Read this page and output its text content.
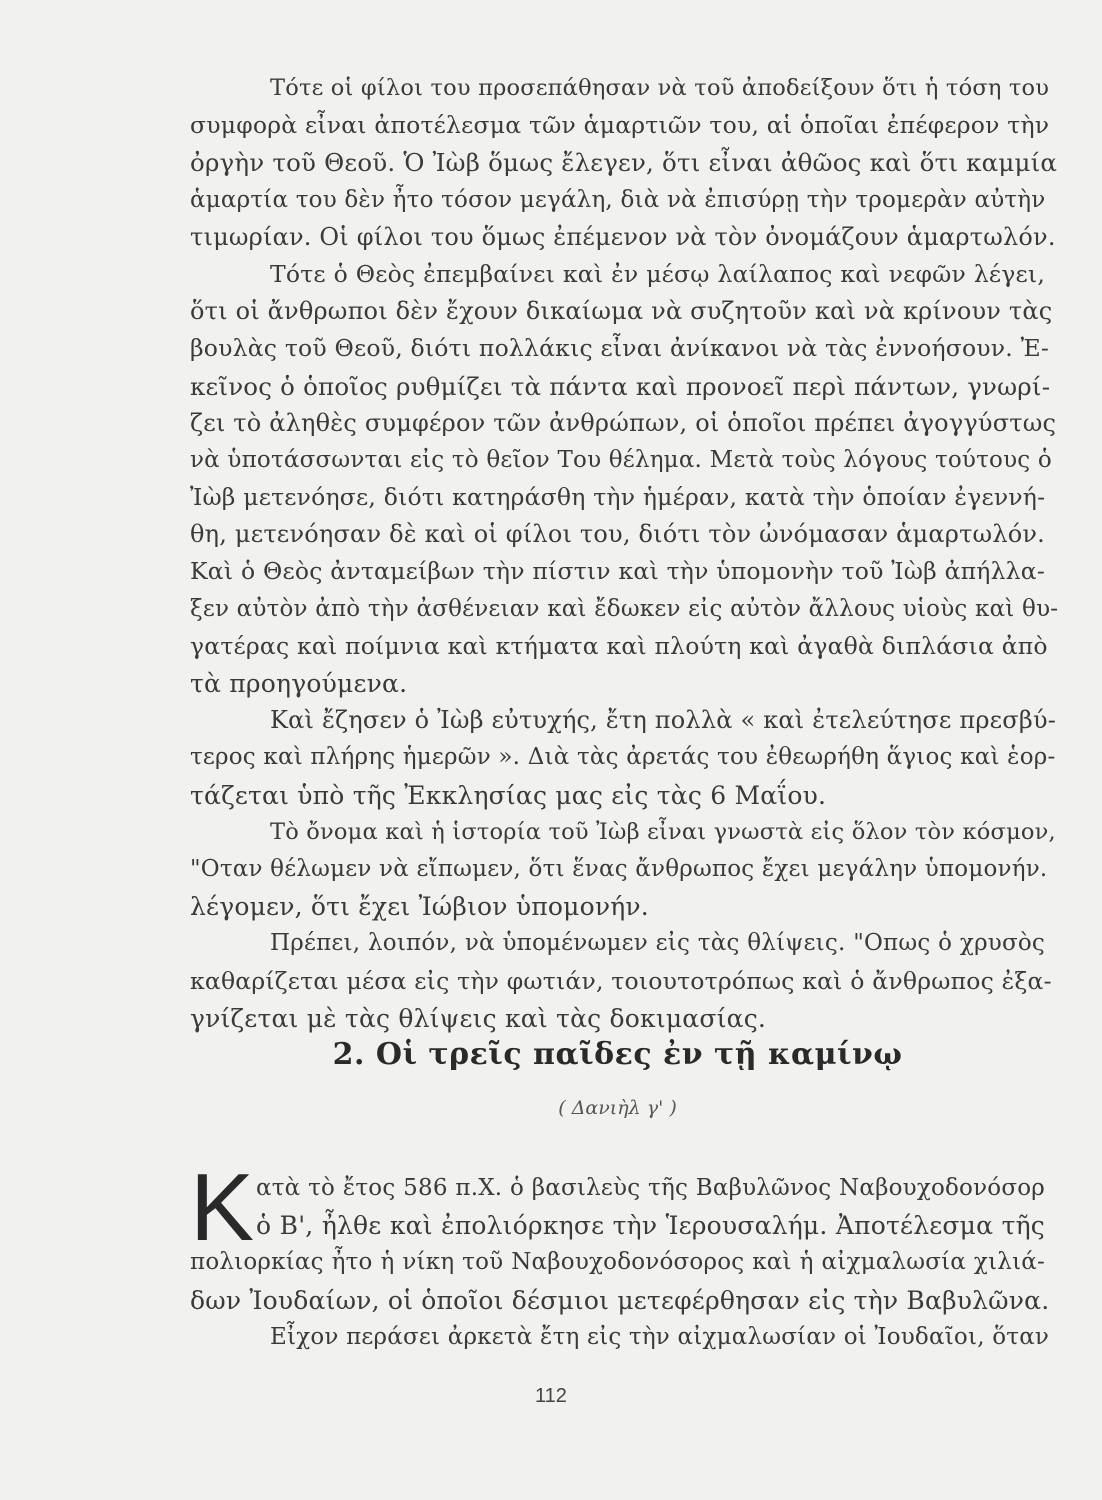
Τότε οἱ φίλοι του προσεπάθησαν νὰ τοῦ ἀποδείξουν ὅτι ἡ τόση του
συμφορὰ εἶναι ἀποτέλεσμα τῶν ἁμαρτιῶν του, αἱ ὁποῖαι ἐπέφερον τὴν
ὀργὴν τοῦ Θεοῦ. Ὁ Ἰὼβ ὅμως ἔλεγεν, ὅτι εἶναι ἀθῶος καὶ ὅτι καμμία
ἁμαρτία του δὲν ἦτο τόσον μεγάλη, διὰ νὰ ἐπισύρῃ τὴν τρομερὰν αὐτὴν
τιμωρίαν. Οἱ φίλοι του ὅμως ἐπέμενον νὰ τὸν ὀνομάζουν ἁμαρτωλόν.
Τότε ὁ Θεὸς ἐπεμβαίνει καὶ ἐν μέσῳ λαίλαπος καὶ νεφῶν λέγει,
ὅτι οἱ ἄνθρωποι δὲν ἔχουν δικαίωμα νὰ συζητοῦν καὶ νὰ κρίνουν τὰς
βουλὰς τοῦ Θεοῦ, διότι πολλάκις εἶναι ἀνίκανοι νὰ τὰς ἐννοήσουν. Ἐ-
κεῖνος ὁ ὁποῖος ρυθμίζει τὰ πάντα καὶ προνοεῖ περὶ πάντων, γνωρί-
ζει τὸ ἀληθὲς συμφέρον τῶν ἀνθρώπων, οἱ ὁποῖοι πρέπει ἀγογγύστως
νὰ ὑποτάσσωνται εἰς τὸ θεῖον Του θέλημα. Μετὰ τοὺς λόγους τούτους ὁ
Ἰὼβ μετενόησε, διότι κατηράσθη τὴν ἡμέραν, κατὰ τὴν ὁποίαν ἐγεννή-
θη, μετενόησαν δὲ καὶ οἱ φίλοι του, διότι τὸν ὠνόμασαν ἁμαρτωλόν.
Καὶ ὁ Θεὸς ἀνταμείβων τὴν πίστιν καὶ τὴν ὑπομονὴν τοῦ Ἰὼβ ἀπήλλα-
ξεν αὐτὸν ἀπὸ τὴν ἀσθένειαν καὶ ἔδωκεν εἰς αὐτὸν ἄλλους υἱοὺς καὶ θυ-
γατέρας καὶ ποίμνια καὶ κτήματα καὶ πλούτη καὶ ἀγαθὰ διπλάσια ἀπὸ
τὰ προηγούμενα.
Καὶ ἔζησεν ὁ Ἰὼβ εὐτυχής, ἔτη πολλὰ « καὶ ἐτελεύτησε πρεσβύ-
τερος καὶ πλήρης ἡμερῶν ». Διὰ τὰς ἀρετάς του ἐθεωρήθη ἅγιος καὶ ἑορ-
τάζεται ὑπὸ τῆς Ἐκκλησίας μας εἰς τὰς 6 Μαΐου.
Τὸ ὄνομα καὶ ἡ ἱστορία τοῦ Ἰὼβ εἶναι γνωστὰ εἰς ὅλον τὸν κόσμον,
"Οταν θέλωμεν νὰ εἴπωμεν, ὅτι ἕνας ἄνθρωπος ἔχει μεγάλην ὑπομονήν.
λέγομεν, ὅτι ἔχει Ἰώβιον ὑπομονήν.
Πρέπει, λοιπόν, νὰ ὑπομένωμεν εἰς τὰς θλίψεις. "Οπως ὁ χρυσὸς
καθαρίζεται μέσα εἰς τὴν φωτιάν, τοιουτοτρόπως καὶ ὁ ἄνθρωπος ἐξα-
γνίζεται μὲ τὰς θλίψεις καὶ τὰς δοκιμασίας.
2. Οἱ τρεῖς παῖδες ἐν τῇ καμίνῳ
( Δανιὴλ γ' )
Κ ατὰ τὸ ἔτος 586 π.Χ. ὁ βασιλεὺς τῆς Βαβυλῶνος Ναβουχοδονόσορ
ὁ Β', ἦλθε καὶ ἐπολιόρκησε τὴν Ἱερουσαλήμ. Ἀποτέλεσμα τῆς
πολιορκίας ἦτο ἡ νίκη τοῦ Ναβουχοδονόσορος καὶ ἡ αἰχμαλωσία χιλιά-
δων Ἰουδαίων, οἱ ὁποῖοι δέσμιοι μετεφέρθησαν εἰς τὴν Βαβυλῶνα.
Εἶχον περάσει ἀρκετὰ ἔτη εἰς τὴν αἰχμαλωσίαν οἱ Ἰουδαῖοι, ὅταν
112
